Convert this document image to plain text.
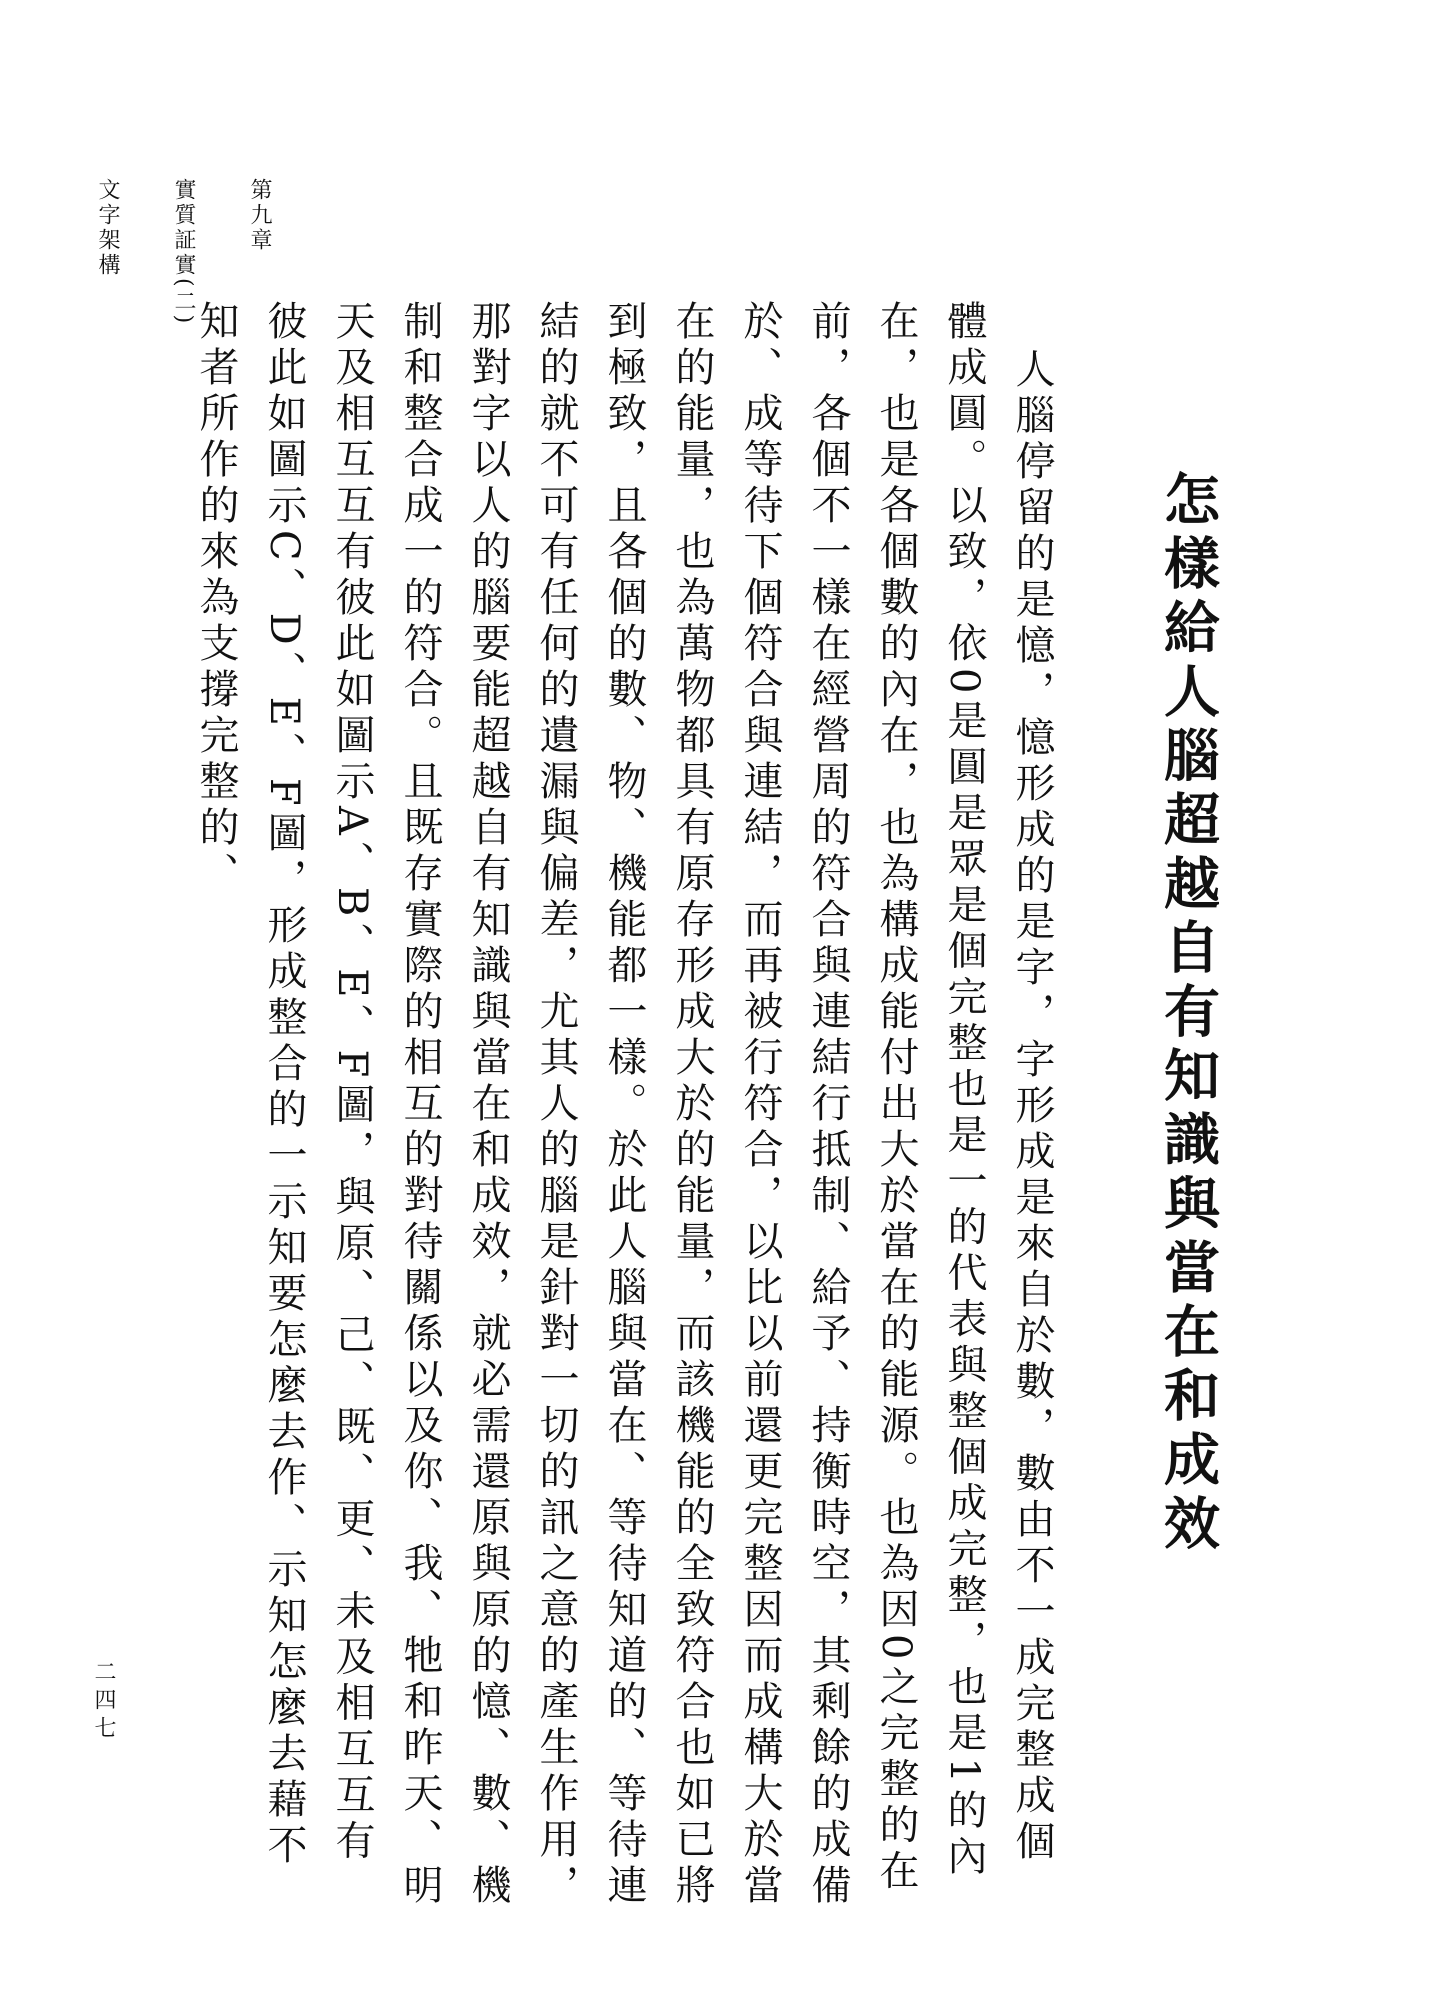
第九章
實質証實(二)
文字架構
怎樣給人腦超越自有知識與當在和成效

人腦停留的是憶，憶形成的是字，字形成是來自於數，數由不一成完整成個體成圓。以致，依0是圓是眾是個完整也是一的代表與整個成完整，也是1的內在，也是各個數的內在，也為構成能付出大於當在的能源。也為因0之完整的在前，各個不一樣在經營周的符合與連結行抵制、給予、持衡時空，其剩餘的成備於、成等待下個符合與連結，而再被行符合，以比以前還更完整因而成構大於當在的能量，也為萬物都具有原存形成大於的能量，而該機能的全致符合也如已將到極致，且各個的數、物、機能都一樣。於此人腦與當在、等待知道的、等待連結的就不可有任何的遺漏與偏差，尤其人的腦是針對一切的訊之意的產生作用，那對字以人的腦要能超越自有知識與當在和成效，就必需還原與原的憶、數、機制和整合成一的符合。且既存實際的相互的對待關係以及你、我、牠和昨天、明天及相互互有彼此如圖示A、B、E、F圖，與原、己、既、更、未及相互互有彼此如圖示C、D、E、F圖，形成整合的一示知要怎麼去作、示知怎麼去藉不知者所作的來為支撐完整的、

二四七
